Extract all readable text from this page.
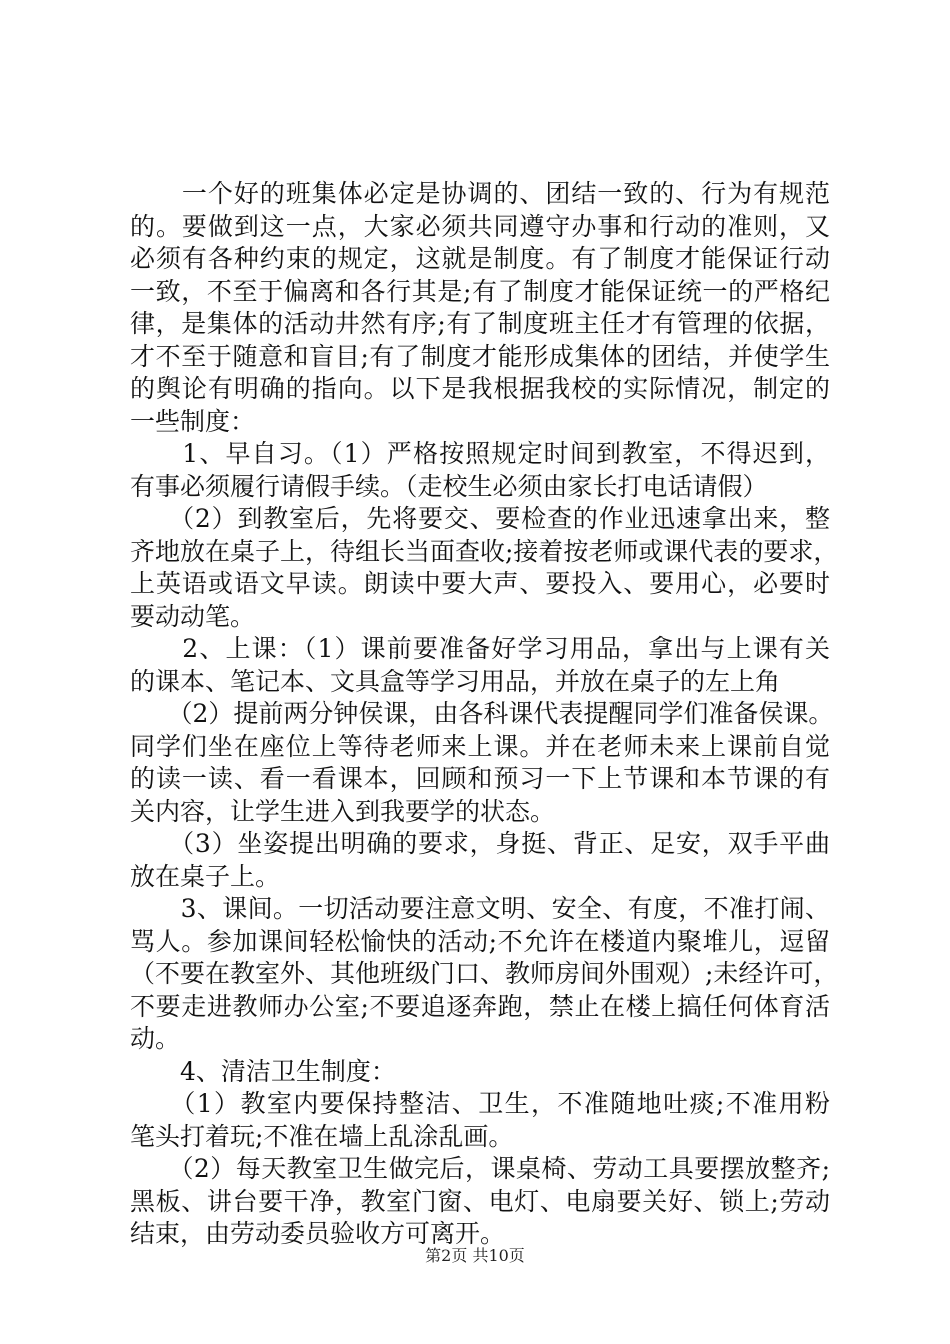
　　一个好的班集体必定是协调的、团结一致的、行为有规范
的。要做到这一点，大家必须共同遵守办事和行动的准则，又
必须有各种约束的规定，这就是制度。有了制度才能保证行动
一致，不至于偏离和各行其是;有了制度才能保证统一的严格纪
律，是集体的活动井然有序;有了制度班主任才有管理的依据，
才不至于随意和盲目;有了制度才能形成集体的团结，并使学生
的舆论有明确的指向。以下是我根据我校的实际情况，制定的
一些制度：
　　1、早自习。（1）严格按照规定时间到教室，不得迟到，
有事必须履行请假手续。（走校生必须由家长打电话请假）
　　（2）到教室后，先将要交、要检查的作业迅速拿出来，整
齐地放在桌子上，待组长当面查收;接着按老师或课代表的要求，
上英语或语文早读。朗读中要大声、要投入、要用心，必要时
要动动笔。
　　2、上课：（1）课前要准备好学习用品，拿出与上课有关
的课本、笔记本、文具盒等学习用品，并放在桌子的左上角
　　（2）提前两分钟侯课，由各科课代表提醒同学们准备侯课。
同学们坐在座位上等待老师来上课。并在老师未来上课前自觉
的读一读、看一看课本，回顾和预习一下上节课和本节课的有
关内容，让学生进入到我要学的状态。
　　（3）坐姿提出明确的要求，身挺、背正、足安，双手平曲
放在桌子上。
　　3、课间。一切活动要注意文明、安全、有度，不准打闹、
骂人。参加课间轻松愉快的活动;不允许在楼道内聚堆儿，逗留
（不要在教室外、其他班级门口、教师房间外围观）;未经许可，
不要走进教师办公室;不要追逐奔跑，禁止在楼上搞任何体育活
动。
　　4、清洁卫生制度：
　　（1）教室内要保持整洁、卫生，不准随地吐痰;不准用粉
笔头打着玩;不准在墙上乱涂乱画。
　　（2）每天教室卫生做完后，课桌椅、劳动工具要摆放整齐;
黑板、讲台要干净，教室门窗、电灯、电扇要关好、锁上;劳动
结束，由劳动委员验收方可离开。
第2页 共10页
